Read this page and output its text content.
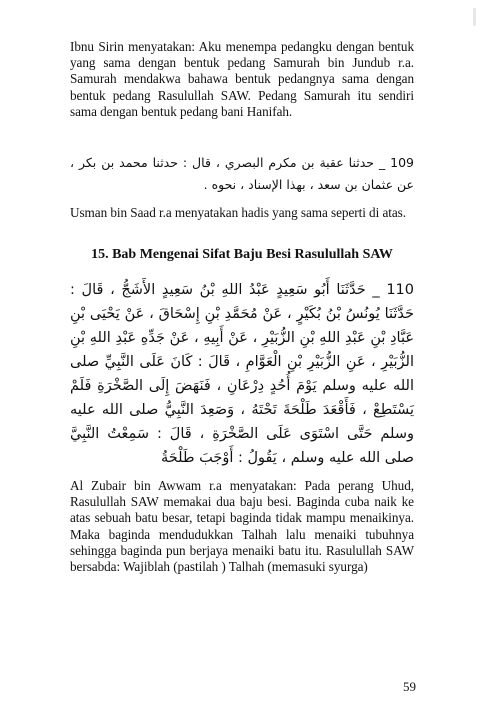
Ibnu Sirin menyatakan: Aku menempa pedangku dengan bentuk yang sama dengan bentuk pedang Samurah bin Jundub r.a. Samurah mendakwa bahawa bentuk pedangnya sama dengan bentuk pedang Rasulullah SAW. Pedang Samurah itu sendiri sama dengan bentuk pedang bani Hanifah.

109 _ حدثنا عقبة بن مكرم البصري ، قال : حدثنا محمد بن بكر ، عن عثمان بن سعد ، بهذا الإسناد ، نحوه .

Usman bin Saad r.a menyatakan hadis yang sama seperti di atas.

15. Bab Mengenai Sifat Baju Besi Rasulullah SAW

110 _ حَدَّثَنَا أَبُو سَعِيدٍ عَبْدُ اللهِ بْنُ سَعِيدٍ الأَشَجُّ ، قَالَ : حَدَّثَنَا يُونُسُ بْنُ بُكَيْرٍ ، عَنْ مُحَمَّدِ بْنِ إِسْحَاقَ ، عَنْ يَحْيَى بْنِ عَبَّادِ بْنِ عَبْدِ اللهِ بْنِ الزُّبَيْرِ ، عَنْ أَبِيهِ ، عَنْ جَدِّهِ عَبْدِ اللهِ بْنِ الزُّبَيْرِ ، عَنِ الزُّبَيْرِ بْنِ الْعَوَّامِ ، قَالَ : كَانَ عَلَى النَّبِيِّ صلى الله عليه وسلم يَوْمَ أُحُدٍ دِرْعَانِ ، فَنَهَضَ إِلَى الصَّخْرَةِ فَلَمْ يَسْتَطِعْ ، فَأَقْعَدَ طَلْحَةَ تَحْتَهُ ، وَصَعِدَ النَّبِيُّ صلى الله عليه وسلم حَتَّى اسْتَوَى عَلَى الصَّخْرَةِ ، قَالَ : سَمِعْتُ النَّبِيَّ صلى الله عليه وسلم ، يَقُولُ : أَوْجَبَ طَلْحَةُ

Al Zubair bin Awwam r.a menyatakan: Pada perang Uhud, Rasulullah SAW memakai dua baju besi. Baginda cuba naik ke atas sebuah batu besar, tetapi baginda tidak mampu menaikinya. Maka baginda mendudukkan Talhah lalu menaiki tubuhnya sehingga baginda pun berjaya menaiki batu itu. Rasulullah SAW bersabda: Wajiblah (pastilah ) Talhah (memasuki syurga)

59
